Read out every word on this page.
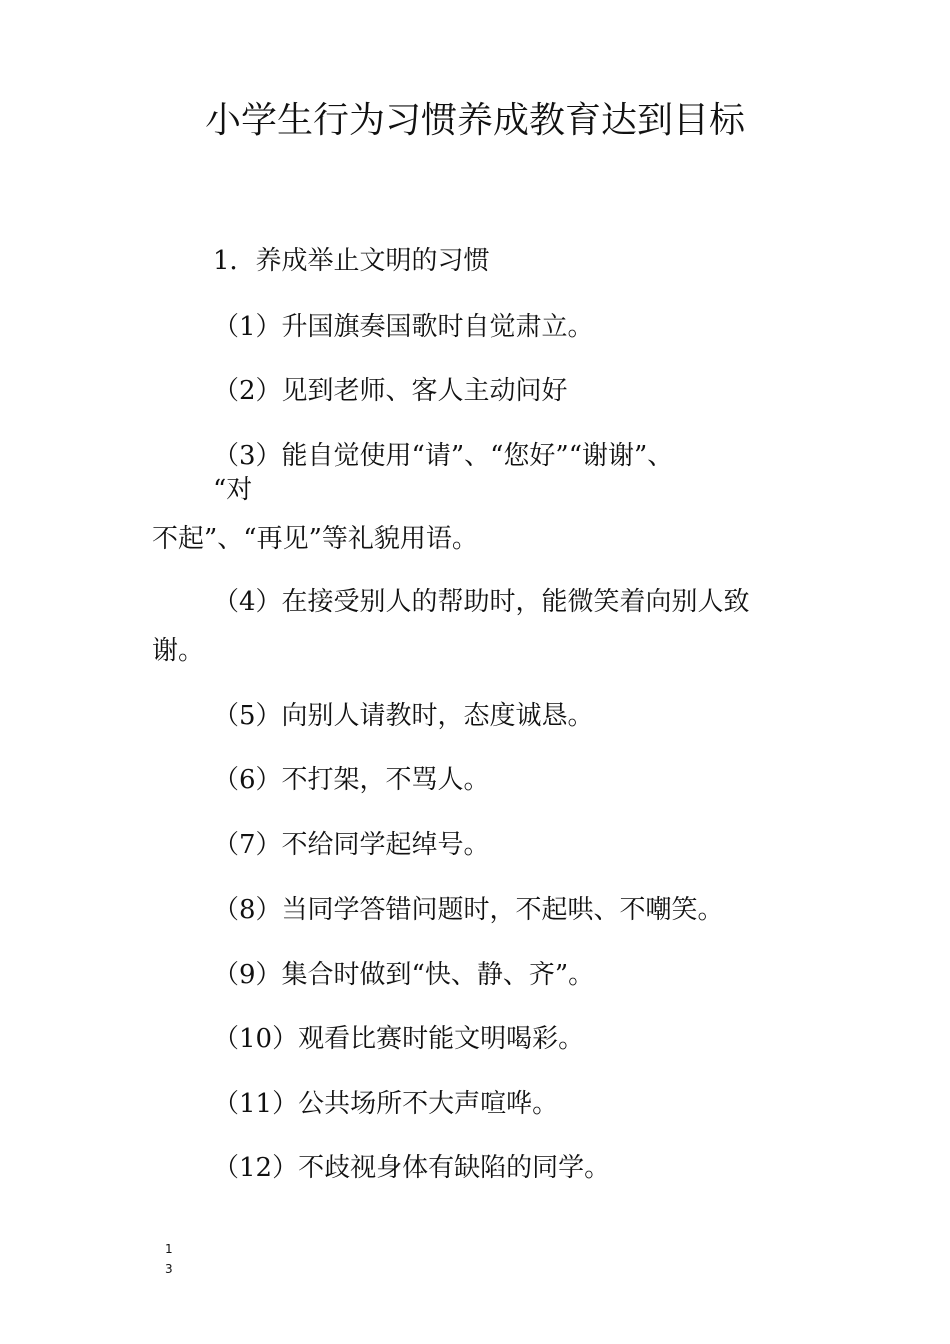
小学生行为习惯养成教育达到目标
1．养成举止文明的习惯
（1）升国旗奏国歌时自觉肃立。
（2）见到老师、客人主动问好
（3）能自觉使用“请”、“您好”“谢谢”、
“对
不起”、“再见”等礼貌用语。
（4）在接受别人的帮助时，能微笑着向别人致
谢。
（5）向别人请教时，态度诚恳。
（6）不打架，不骂人。
（7）不给同学起绰号。
（8）当同学答错问题时，不起哄、不嘲笑。
（9）集合时做到“快、静、齐”。
（10）观看比赛时能文明喝彩。
（11）公共场所不大声喧哗。
（12）不歧视身体有缺陷的同学。
13
